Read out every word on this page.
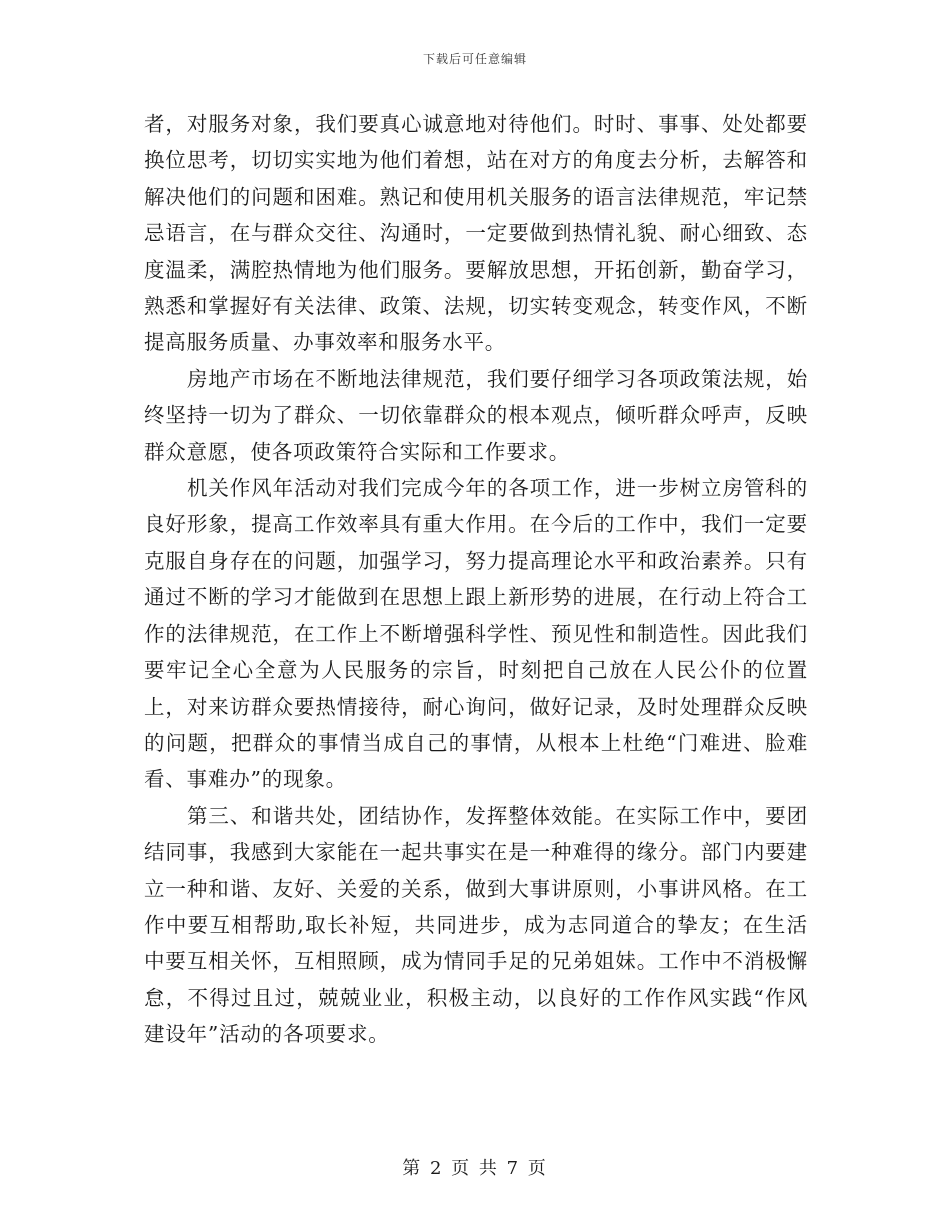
下载后可任意编辑

者，对服务对象，我们要真心诚意地对待他们。时时、事事、处处都要换位思考，切切实实地为他们着想，站在对方的角度去分析，去解答和解决他们的问题和困难。熟记和使用机关服务的语言法律规范，牢记禁忌语言，在与群众交往、沟通时，一定要做到热情礼貌、耐心细致、态度温柔，满腔热情地为他们服务。要解放思想，开拓创新，勤奋学习，熟悉和掌握好有关法律、政策、法规，切实转变观念，转变作风，不断提高服务质量、办事效率和服务水平。

房地产市场在不断地法律规范，我们要仔细学习各项政策法规，始终坚持一切为了群众、一切依靠群众的根本观点，倾听群众呼声，反映群众意愿，使各项政策符合实际和工作要求。

机关作风年活动对我们完成今年的各项工作，进一步树立房管科的良好形象，提高工作效率具有重大作用。在今后的工作中，我们一定要克服自身存在的问题，加强学习，努力提高理论水平和政治素养。只有通过不断的学习才能做到在思想上跟上新形势的进展，在行动上符合工作的法律规范，在工作上不断增强科学性、预见性和制造性。因此我们要牢记全心全意为人民服务的宗旨，时刻把自己放在人民公仆的位置上，对来访群众要热情接待，耐心询问，做好记录，及时处理群众反映的问题，把群众的事情当成自己的事情，从根本上杜绝“门难进、脸难看、事难办”的现象。

第三、和谐共处，团结协作，发挥整体效能。在实际工作中，要团结同事，我感到大家能在一起共事实在是一种难得的缘分。部门内要建立一种和谐、友好、关爱的关系，做到大事讲原则，小事讲风格。在工作中要互相帮助,取长补短，共同进步，成为志同道合的挚友；在生活中要互相关怀，互相照顾，成为情同手足的兄弟姐妹。工作中不消极懈怠，不得过且过，兢兢业业，积极主动，以良好的工作作风实践“作风建设年”活动的各项要求。

第 2 页 共 7 页
